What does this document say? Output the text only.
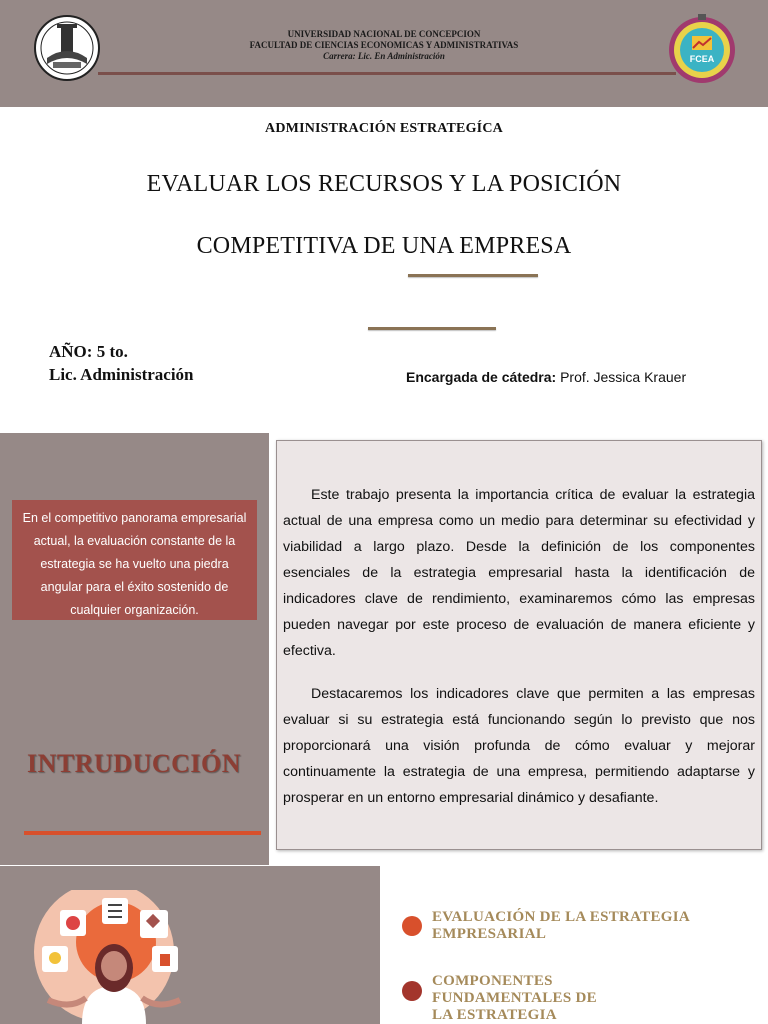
UNIVERSIDAD NACIONAL DE CONCEPCION
FACULTAD DE CIENCIAS ECONOMICAS Y ADMINISTRATIVAS
Carrera: Lic. En Administración	FCEA
ADMINISTRACIÓN ESTRATEGÍCA
EVALUAR LOS RECURSOS Y LA POSICIÓN
COMPETITIVA DE UNA EMPRESA
AÑO: 5 to.
Lic. Administración	Encargada de cátedra: Prof. Jessica Krauer
En el competitivo panorama empresarial actual, la evaluación constante de la estrategia se ha vuelto una piedra angular para el éxito sostenido de cualquier organización.
INTRUDUCCIÓN

Este trabajo presenta la importancia crítica de evaluar la estrategia actual de una empresa como un medio para determinar su efectividad y viabilidad a largo plazo. Desde la definición de los componentes esenciales de la estrategia empresarial hasta la identificación de indicadores clave de rendimiento, examinaremos cómo las empresas pueden navegar por este proceso de evaluación de manera eficiente y efectiva.

Destacaremos los indicadores clave que permiten a las empresas evaluar si su estrategia está funcionando según lo previsto que nos proporcionará una visión profunda de cómo evaluar y mejorar continuamente la estrategia de una empresa, permitiendo adaptarse y prosperar en un entorno empresarial dinámico y desafiante.

EVALUACIÓN DE LA ESTRATEGIA
EMPRESARIAL
COMPONENTES
FUNDAMENTALES DE
LA ESTRATEGIA
